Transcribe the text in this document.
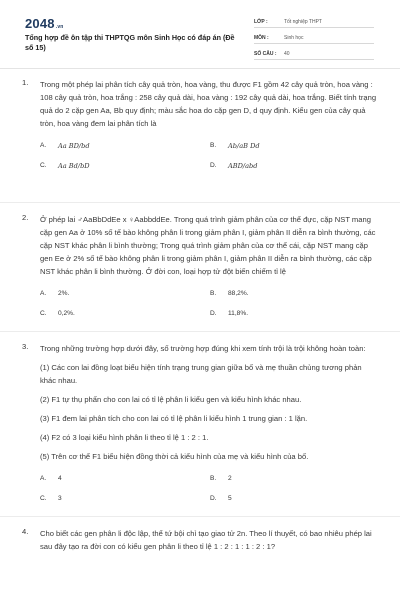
2048.vn
Tổng hợp đề ôn tập thi THPTQG môn Sinh Học có đáp án (Đề số 15)
LỚP :	Tốt nghiệp THPT
MÔN :	Sinh học
SỐ CÂU :	40
1. Trong một phép lai phân tích cây quả tròn, hoa vàng, thu được F1 gồm 42 cây quả tròn, hoa vàng : 108 cây quả tròn, hoa trắng : 258 cây quả dài, hoa vàng : 192 cây quả dài, hoa trắng. Biết tính trạng quả do 2 cặp gen Aa, Bb quy định; màu sắc hoa do cặp gen D, d quy định. Kiểu gen của cây quả tròn, hoa vàng đem lai phân tích là
A.	Aa BD/bd	B.	Ab/aB Dd
C.	Aa Bd/bD	D.	ABD/abd
2. Ở phép lai ♂AaBbDdEe x ♀AabbddEe. Trong quá trình giảm phân của cơ thể đực, cặp NST mang cặp gen Aa ở 10% số tế bào không phân li trong giảm phân I, giảm phân II diễn ra bình thường, các cặp NST khác phân li bình thường; Trong quá trình giảm phân của cơ thể cái, cặp NST mang cặp gen Ee ở 2% số tế bào không phân li trong giảm phân I, giảm phân II diễn ra bình thường, các cặp NST khác phân li bình thường. Ở đời con, loại hợp tử đột biến chiếm tỉ lệ
A.	2%.	B.	88,2%.
C.	0,2%.	D.	11,8%.
3. Trong những trường hợp dưới đây, số trường hợp đúng khi xem tính trội là trội không hoàn toàn:
(1) Các con lai đồng loạt biểu hiện tính trạng trung gian giữa bố và mẹ thuần chủng tương phản khác nhau.
(2) F1 tự thụ phấn cho con lai có tỉ lệ phân li kiểu gen và kiểu hình khác nhau.
(3) F1 đem lai phân tích cho con lai có tỉ lệ phân li kiểu hình 1 trung gian : 1 lặn.
(4) F2 có 3 loại kiểu hình phân li theo tỉ lệ 1 : 2 : 1.
(5) Trên cơ thể F1 biểu hiện đồng thời cả kiểu hình của mẹ và kiểu hình của bố.
A.	4	B.	2
C.	3	D.	5
4. Cho biết các gen phân li độc lập, thể tứ bội chỉ tạo giao tử 2n. Theo lí thuyết, có bao nhiêu phép lai sau đây tạo ra đời con có kiểu gen phân li theo tỉ lệ 1 : 2 : 1 : 1 : 2 : 1?
